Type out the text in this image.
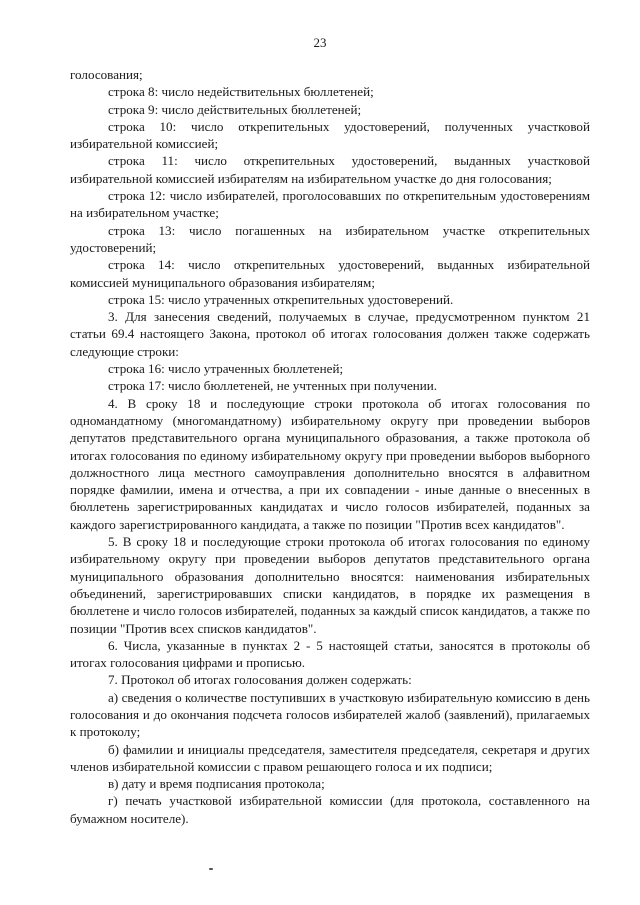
23

голосования;

строка 8: число недействительных бюллетеней;

строка 9: число действительных бюллетеней;

строка 10: число открепительных удостоверений, полученных участковой избирательной комиссией;

строка 11: число открепительных удостоверений, выданных участковой избирательной комиссией избирателям на избирательном участке до дня голосования;

строка 12: число избирателей, проголосовавших по открепительным удостоверениям на избирательном участке;

строка 13: число погашенных на избирательном участке открепительных удостоверений;

строка 14: число открепительных удостоверений, выданных избирательной комиссией муниципального образования избирателям;

строка 15: число утраченных открепительных удостоверений.

3. Для занесения сведений, получаемых в случае, предусмотренном пунктом 21 статьи 69.4 настоящего Закона, протокол об итогах голосования должен также содержать следующие строки:

строка 16: число утраченных бюллетеней;

строка 17: число бюллетеней, не учтенных при получении.

4. В сроку 18 и последующие строки протокола об итогах голосования по одномандатному (многомандатному) избирательному округу при проведении выборов депутатов представительного органа муниципального образования, а также протокола об итогах голосования по единому избирательному округу при проведении выборов выборного должностного лица местного самоуправления дополнительно вносятся в алфавитном порядке фамилии, имена и отчества, а при их совпадении - иные данные о внесенных в бюллетень зарегистрированных кандидатах и число голосов избирателей, поданных за каждого зарегистрированного кандидата, а также по позиции "Против всех кандидатов".

5. В сроку 18 и последующие строки протокола об итогах голосования по единому избирательному округу при проведении выборов депутатов представительного органа муниципального образования дополнительно вносятся: наименования избирательных объединений, зарегистрировавших списки кандидатов, в порядке их размещения в бюллетене и число голосов избирателей, поданных за каждый список кандидатов, а также по позиции "Против всех списков кандидатов".

6. Числа, указанные в пунктах 2 - 5 настоящей статьи, заносятся в протоколы об итогах голосования цифрами и прописью.

7. Протокол об итогах голосования должен содержать:

а) сведения о количестве поступивших в участковую избирательную комиссию в день голосования и до окончания подсчета голосов избирателей жалоб (заявлений), прилагаемых к протоколу;

б) фамилии и инициалы председателя, заместителя председателя, секретаря и других членов избирательной комиссии с правом решающего голоса и их подписи;

в) дату и время подписания протокола;

г) печать участковой избирательной комиссии (для протокола, составленного на бумажном носителе).
